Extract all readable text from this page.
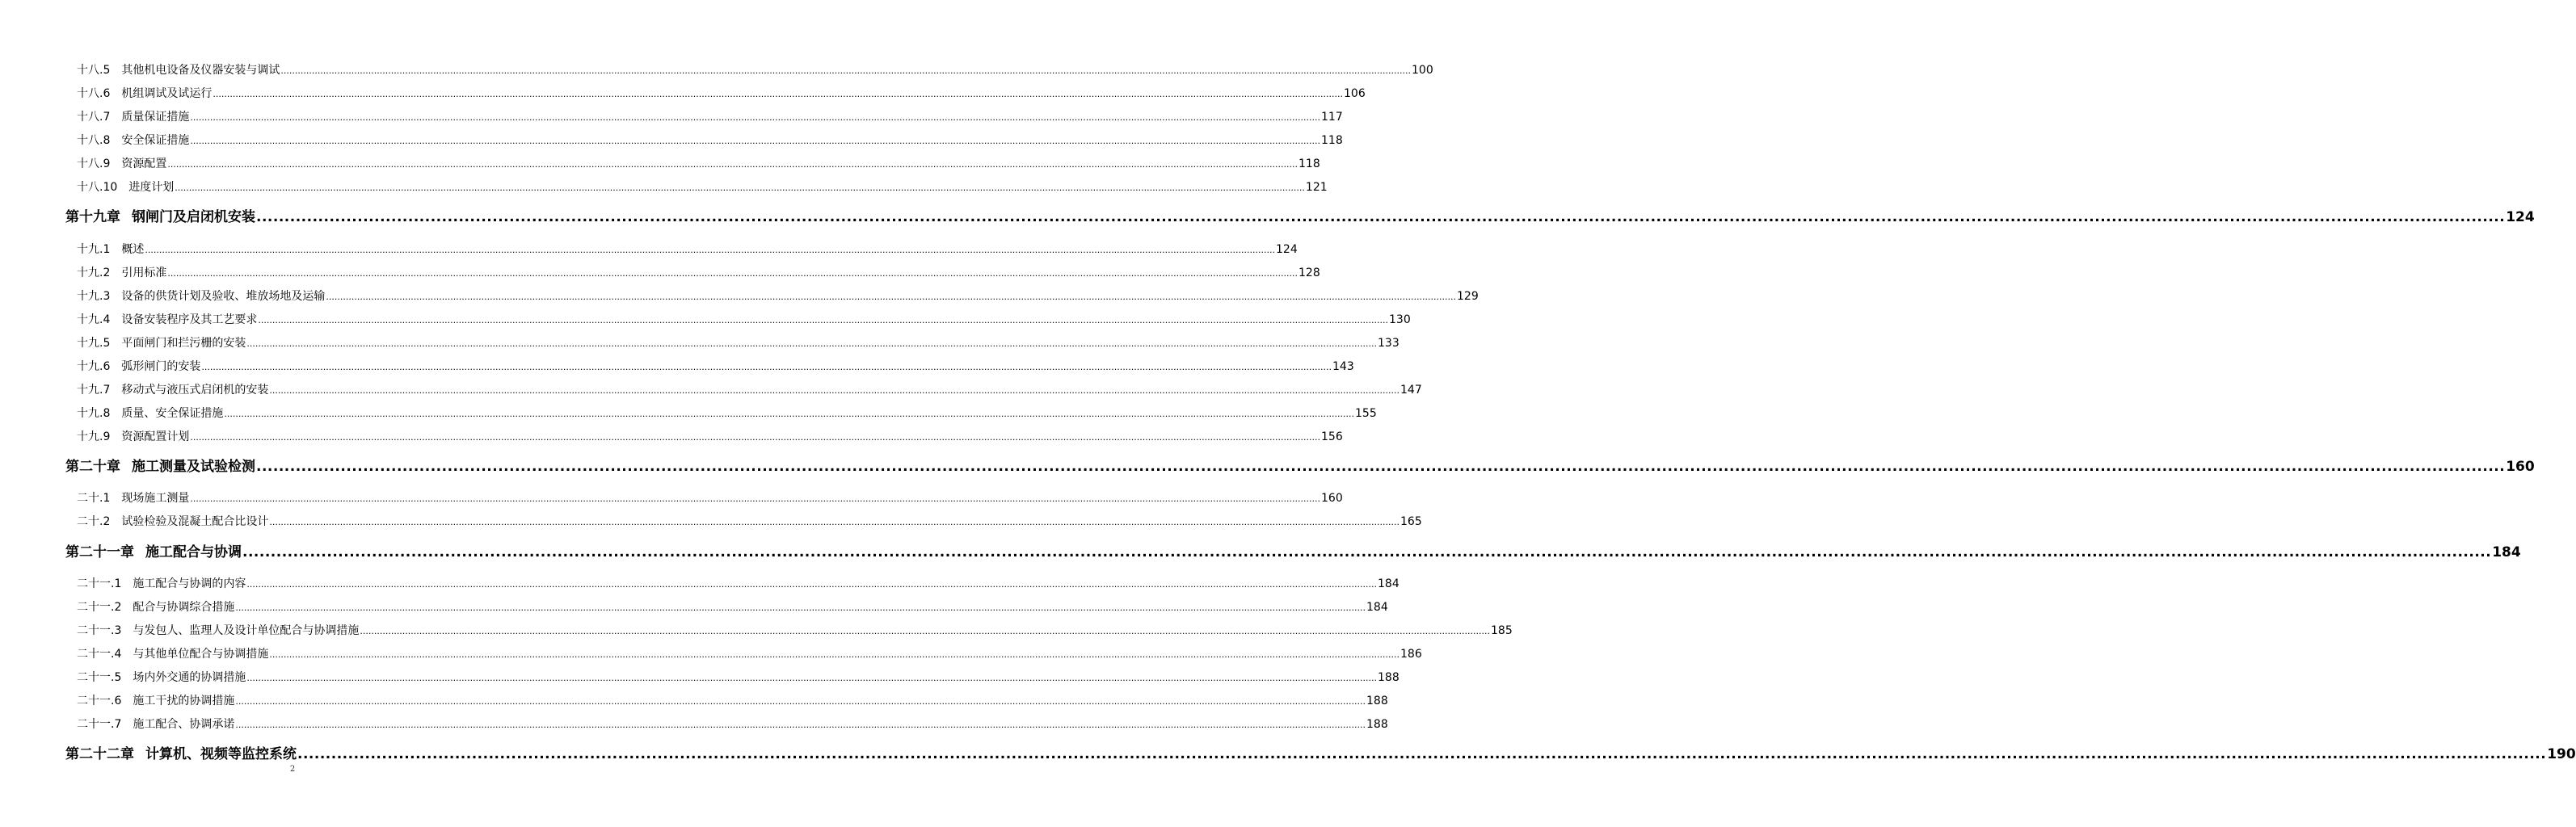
十八.5 其他机电设备及仪器安装与调试 ................................................................................................................................................................................................................................................................................................................................................................................................................ 100
十八.6 机组调试及试运行 ................................................................................................................................................................................................................................................................................................................................................................................................................ 106
十八.7 质量保证措施 ................................................................................................................................................................................................................................................................................................................................................................................................................ 117
十八.8 安全保证措施 ................................................................................................................................................................................................................................................................................................................................................................................................................ 118
十八.9 资源配置 ................................................................................................................................................................................................................................................................................................................................................................................................................ 118
十八.10 进度计划 ................................................................................................................................................................................................................................................................................................................................................................................................................ 121
第十九章 钢闸门及启闭机安装 ................................................................................................................................................................................................................................................................................................................................................................................................................ 124
十九.1 概述 ................................................................................................................................................................................................................................................................................................................................................................................................................ 124
十九.2 引用标准 ................................................................................................................................................................................................................................................................................................................................................................................................................ 128
十九.3 设备的供货计划及验收、堆放场地及运输 ................................................................................................................................................................................................................................................................................................................................................................................................................ 129
十九.4 设备安装程序及其工艺要求 ................................................................................................................................................................................................................................................................................................................................................................................................................ 130
十九.5 平面闸门和拦污栅的安装 ................................................................................................................................................................................................................................................................................................................................................................................................................ 133
十九.6 弧形闸门的安装 ................................................................................................................................................................................................................................................................................................................................................................................................................ 143
十九.7 移动式与液压式启闭机的安装 ................................................................................................................................................................................................................................................................................................................................................................................................................ 147
十九.8 质量、安全保证措施 ................................................................................................................................................................................................................................................................................................................................................................................................................ 155
十九.9 资源配置计划 ................................................................................................................................................................................................................................................................................................................................................................................................................ 156
第二十章 施工测量及试验检测 ................................................................................................................................................................................................................................................................................................................................................................................................................ 160
二十.1 现场施工测量 ................................................................................................................................................................................................................................................................................................................................................................................................................ 160
二十.2 试验检验及混凝土配合比设计 ................................................................................................................................................................................................................................................................................................................................................................................................................ 165
第二十一章 施工配合与协调 ................................................................................................................................................................................................................................................................................................................................................................................................................ 184
二十一.1 施工配合与协调的内容 ................................................................................................................................................................................................................................................................................................................................................................................................................ 184
二十一.2 配合与协调综合措施 ................................................................................................................................................................................................................................................................................................................................................................................................................ 184
二十一.3 与发包人、监理人及设计单位配合与协调措施 ................................................................................................................................................................................................................................................................................................................................................................................................................ 185
二十一.4 与其他单位配合与协调措施 ................................................................................................................................................................................................................................................................................................................................................................................................................ 186
二十一.5 场内外交通的协调措施 ................................................................................................................................................................................................................................................................................................................................................................................................................ 188
二十一.6 施工干扰的协调措施 ................................................................................................................................................................................................................................................................................................................................................................................................................ 188
二十一.7 施工配合、协调承诺 ................................................................................................................................................................................................................................................................................................................................................................................................................ 188
第二十二章 计算机、视频等监控系统 ................................................................................................................................................................................................................................................................................................................................................................................................................ 190
2
